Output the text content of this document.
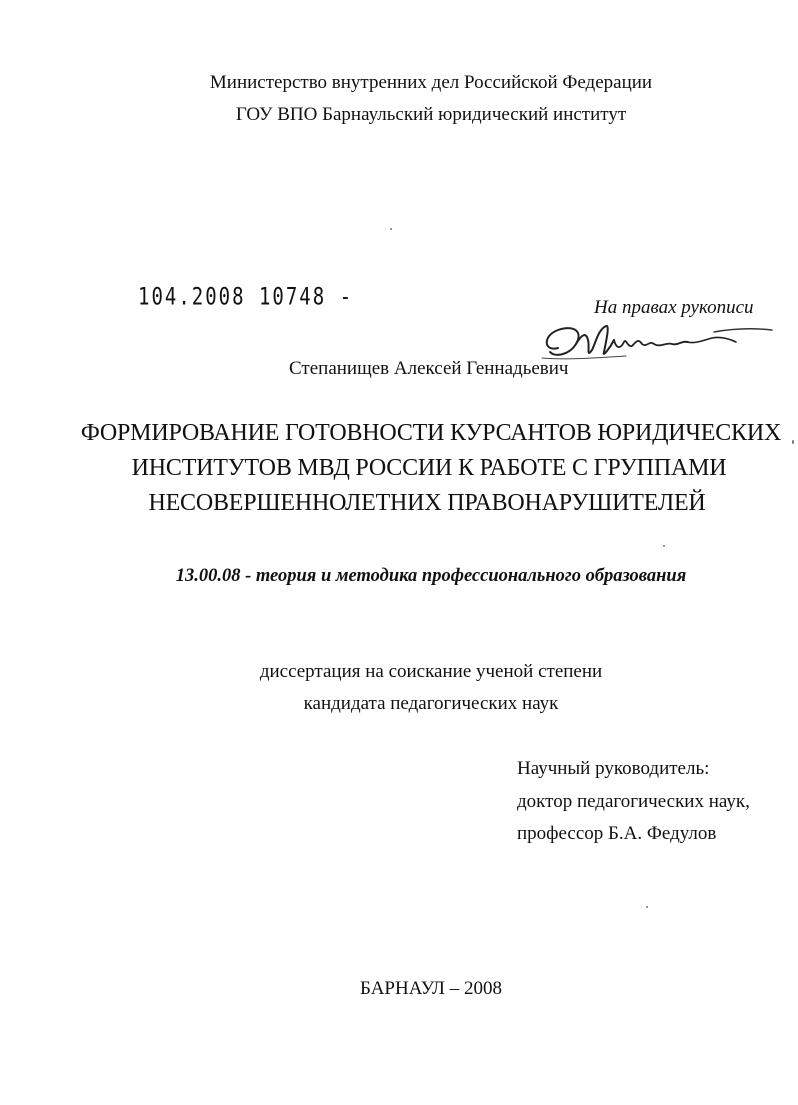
Министерство внутренних дел Российской Федерации
ГОУ ВПО Барнаульский юридический институт
104.2008 10748 -	На правах рукописи
Степанищев Алексей Геннадьевич
ФОРМИРОВАНИЕ ГОТОВНОСТИ КУРСАНТОВ ЮРИДИЧЕСКИХ
ИНСТИТУТОВ МВД РОССИИ К РАБОТЕ С ГРУППАМИ
НЕСОВЕРШЕННОЛЕТНИХ ПРАВОНАРУШИТЕЛЕЙ
13.00.08 - теория и методика профессионального образования
диссертация на соискание ученой степени
кандидата педагогических наук
Научный руководитель:
доктор педагогических наук,
профессор Б.А. Федулов
БАРНАУЛ – 2008
